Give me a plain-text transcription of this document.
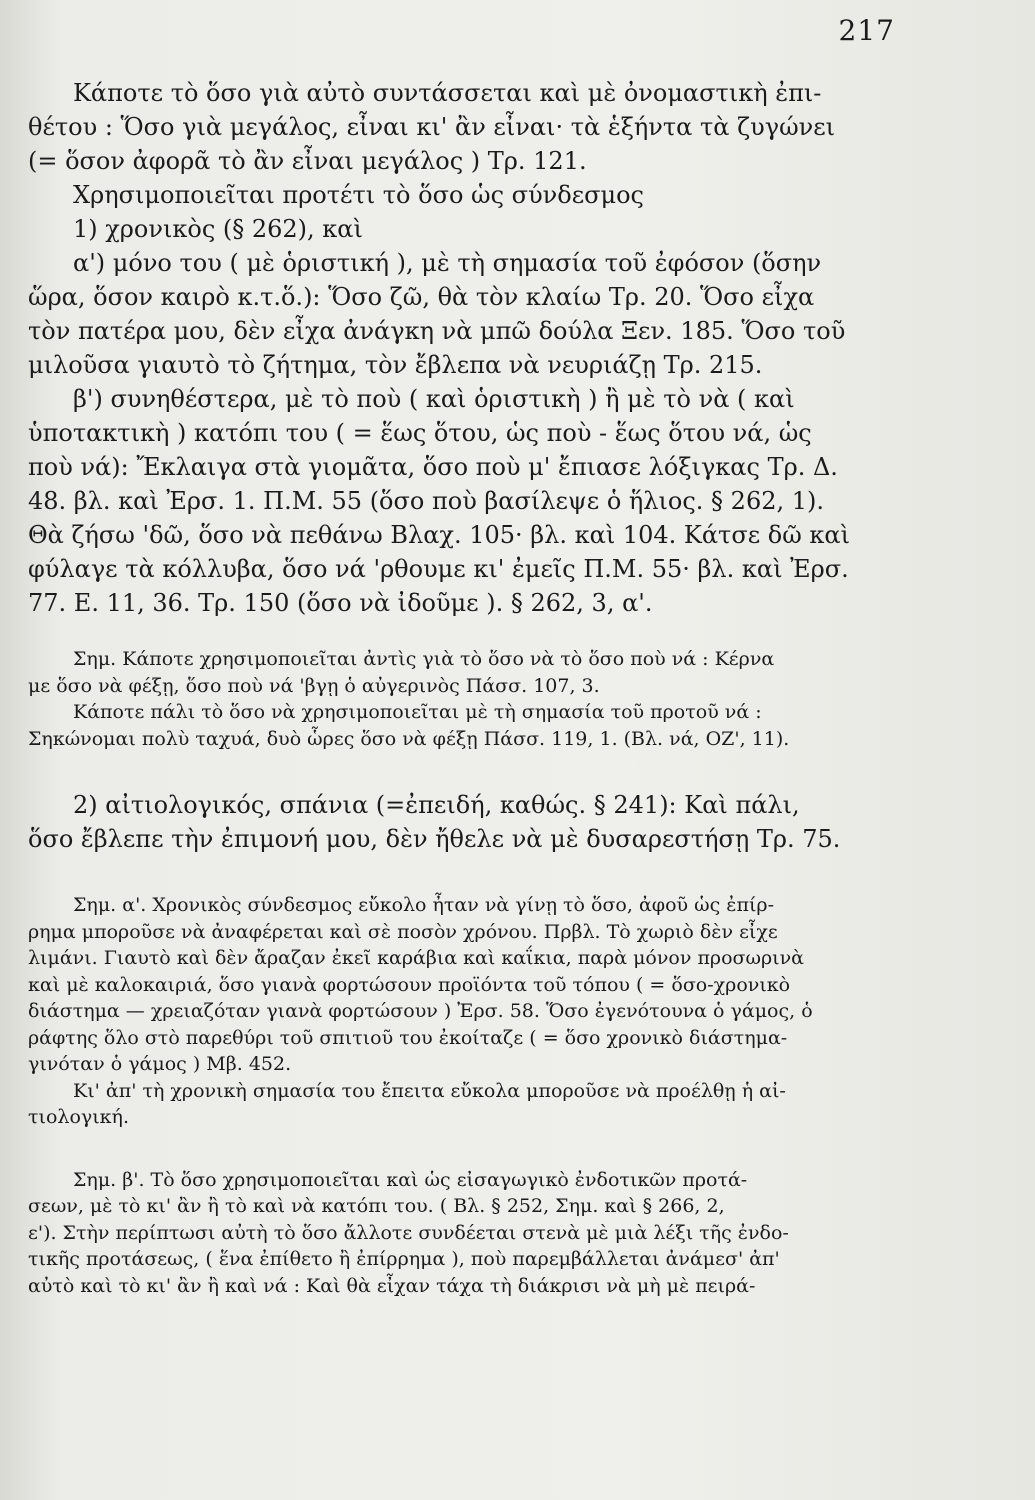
217
Κάποτε τὸ ὅσο γιὰ αὐτὸ συντάσσεται καὶ μὲ ὀνομαστικὴ ἐπι-
θέτου : Ὅσο γιὰ μεγάλος, εἶναι κι' ἂν εἶναι· τὰ ἑξήντα τὰ ζυγώνει
(= ὅσον ἀφορᾶ τὸ ἂν εἶναι μεγάλος ) Τρ. 121.
Χρησιμοποιεῖται προτέτι τὸ ὅσο ὡς σύνδεσμος
1) χρονικὸς (§ 262), καὶ
α') μόνο του ( μὲ ὁριστική ), μὲ τὴ σημασία τοῦ ἐφόσον (ὅσην
ὥρα, ὅσον καιρὸ κ.τ.ὅ.): Ὅσο ζῶ, θὰ τὸν κλαίω Τρ. 20. Ὅσο εἶχα
τὸν πατέρα μου, δὲν εἶχα ἀνάγκη νὰ μπῶ δούλα Ξεν. 185. Ὅσο τοῦ
μιλοῦσα γιαυτὸ τὸ ζήτημα, τὸν ἔβλεπα νὰ νευριάζῃ Τρ. 215.
β') συνηθέστερα, μὲ τὸ ποὺ ( καὶ ὁριστικὴ ) ἢ μὲ τὸ νὰ ( καὶ
ὑποτακτικὴ ) κατόπι του ( = ἕως ὅτου, ὡς ποὺ - ἕως ὅτου νά, ὡς
ποὺ νά): Ἔκλαιγα στὰ γιομᾶτα, ὅσο ποὺ μ' ἔπιασε λόξιγκας Τρ. Δ.
48. βλ. καὶ Ἐρσ. 1. Π.Μ. 55 (ὅσο ποὺ βασίλεψε ὁ ἥλιος. § 262, 1).
Θὰ ζήσω 'δῶ, ὅσο νὰ πεθάνω Βλαχ. 105· βλ. καὶ 104. Κάτσε δῶ καὶ
φύλαγε τὰ κόλλυβα, ὅσο νά 'ρθουμε κι' ἐμεῖς Π.Μ. 55· βλ. καὶ Ἐρσ.
77. Ε. 11, 36. Τρ. 150 (ὅσο νὰ ἰδοῦμε ). § 262, 3, α'.
Σημ. Κάποτε χρησιμοποιεῖται ἀντὶς γιὰ τὸ ὅσο νὰ τὸ ὅσο ποὺ νά : Κέρνα
με ὅσο νὰ φέξῃ, ὅσο ποὺ νά 'βγῃ ὁ αὐγερινὸς Πάσσ. 107, 3.
Κάποτε πάλι τὸ ὅσο νὰ χρησιμοποιεῖται μὲ τὴ σημασία τοῦ προτοῦ νά :
Σηκώνομαι πολὺ ταχυά, δυὸ ὧρες ὅσο νὰ φέξῃ Πάσσ. 119, 1. (Βλ. νά, ΟΖ', 11).
2) αἰτιολογικός, σπάνια (=ἐπειδή, καθώς. § 241): Καὶ πάλι,
ὅσο ἔβλεπε τὴν ἐπιμονή μου, δὲν ἤθελε νὰ μὲ δυσαρεστήσῃ Τρ. 75.
Σημ. α'. Χρονικὸς σύνδεσμος εὔκολο ἦταν νὰ γίνῃ τὸ ὅσο, ἀφοῦ ὡς ἐπίρ-
ρημα μποροῦσε νὰ ἀναφέρεται καὶ σὲ ποσὸν χρόνου. Πρβλ. Τὸ χωριὸ δὲν εἶχε
λιμάνι. Γιαυτὸ καὶ δὲν ἄραζαν ἐκεῖ καράβια καὶ καΐκια, παρὰ μόνον προσωρινὰ
καὶ μὲ καλοκαιριά, ὅσο γιανὰ φορτώσουν προϊόντα τοῦ τόπου ( = ὅσο-χρονικὸ
διάστημα — χρειαζόταν γιανὰ φορτώσουν ) Ἐρσ. 58. Ὅσο ἐγενότουνα ὁ γάμος, ὁ
ράφτης ὅλο στὸ παρεθύρι τοῦ σπιτιοῦ του ἐκοίταζε ( = ὅσο χρονικὸ διάστημα-
γινόταν ὁ γάμος ) Μβ. 452.
Κι' ἀπ' τὴ χρονικὴ σημασία του ἔπειτα εὔκολα μποροῦσε νὰ προέλθῃ ἡ αἰ-
τιολογική.
Σημ. β'. Τὸ ὅσο χρησιμοποιεῖται καὶ ὡς εἰσαγωγικὸ ἐνδοτικῶν προτά-
σεων, μὲ τὸ κι' ἂν ἢ τὸ καὶ νὰ κατόπι του. ( Βλ. § 252, Σημ. καὶ § 266, 2,
ε'). Στὴν περίπτωσι αὐτὴ τὸ ὅσο ἄλλοτε συνδέεται στενὰ μὲ μιὰ λέξι τῆς ἐνδο-
τικῆς προτάσεως, ( ἕνα ἐπίθετο ἢ ἐπίρρημα ), ποὺ παρεμβάλλεται ἀνάμεσ' ἀπ'
αὐτὸ καὶ τὸ κι' ἂν ἢ καὶ νά : Καὶ θὰ εἶχαν τάχα τὴ διάκρισι νὰ μὴ μὲ πειρά-
